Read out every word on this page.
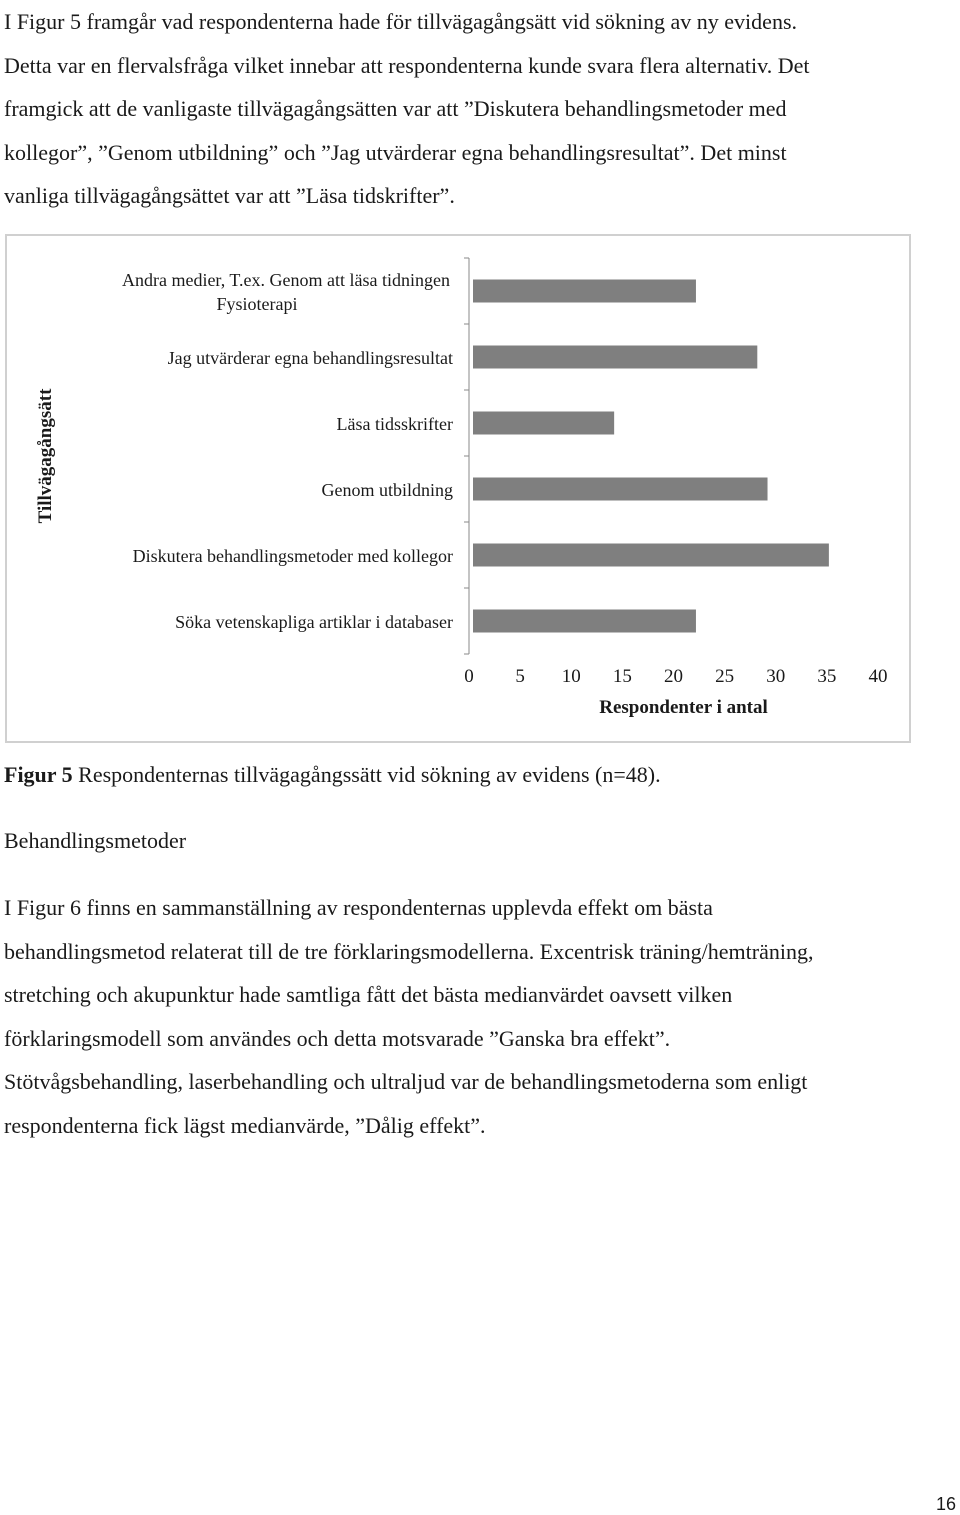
I Figur 5 framgår vad respondenterna hade för tillvägagångsätt vid sökning av ny evidens.
Detta var en flervalsfråga vilket innebar att respondenterna kunde svara flera alternativ. Det
framgick att de vanligaste tillvägagångsätten var att ”Diskutera behandlingsmetoder med
kollegor”, ”Genom utbildning” och ”Jag utvärderar egna behandlingsresultat”. Det minst
vanliga tillvägagångsättet var att ”Läsa tidskrifter”.

Andra medier, T.ex. Genom att läsa tidningen
Fysioterapi
Jag utvärderar egna behandlingsresultat
Läsa tidsskrifter
Genom utbildning
Diskutera behandlingsmetoder med kollegor
Söka vetenskapliga artiklar i databaser
0 5 10 15 20 25 30 35 40
Respondenter i antal
Tillvägagångsätt

Figur 5 Respondenternas tillvägagångssätt vid sökning av evidens (n=48).

Behandlingsmetoder

I Figur 6 finns en sammanställning av respondenternas upplevda effekt om bästa
behandlingsmetod relaterat till de tre förklaringsmodellerna. Excentrisk träning/hemträning,
stretching och akupunktur hade samtliga fått det bästa medianvärdet oavsett vilken
förklaringsmodell som användes och detta motsvarade ”Ganska bra effekt”.
Stötvågsbehandling, laserbehandling och ultraljud var de behandlingsmetoderna som enligt
respondenterna fick lägst medianvärde, ”Dålig effekt”.

16
